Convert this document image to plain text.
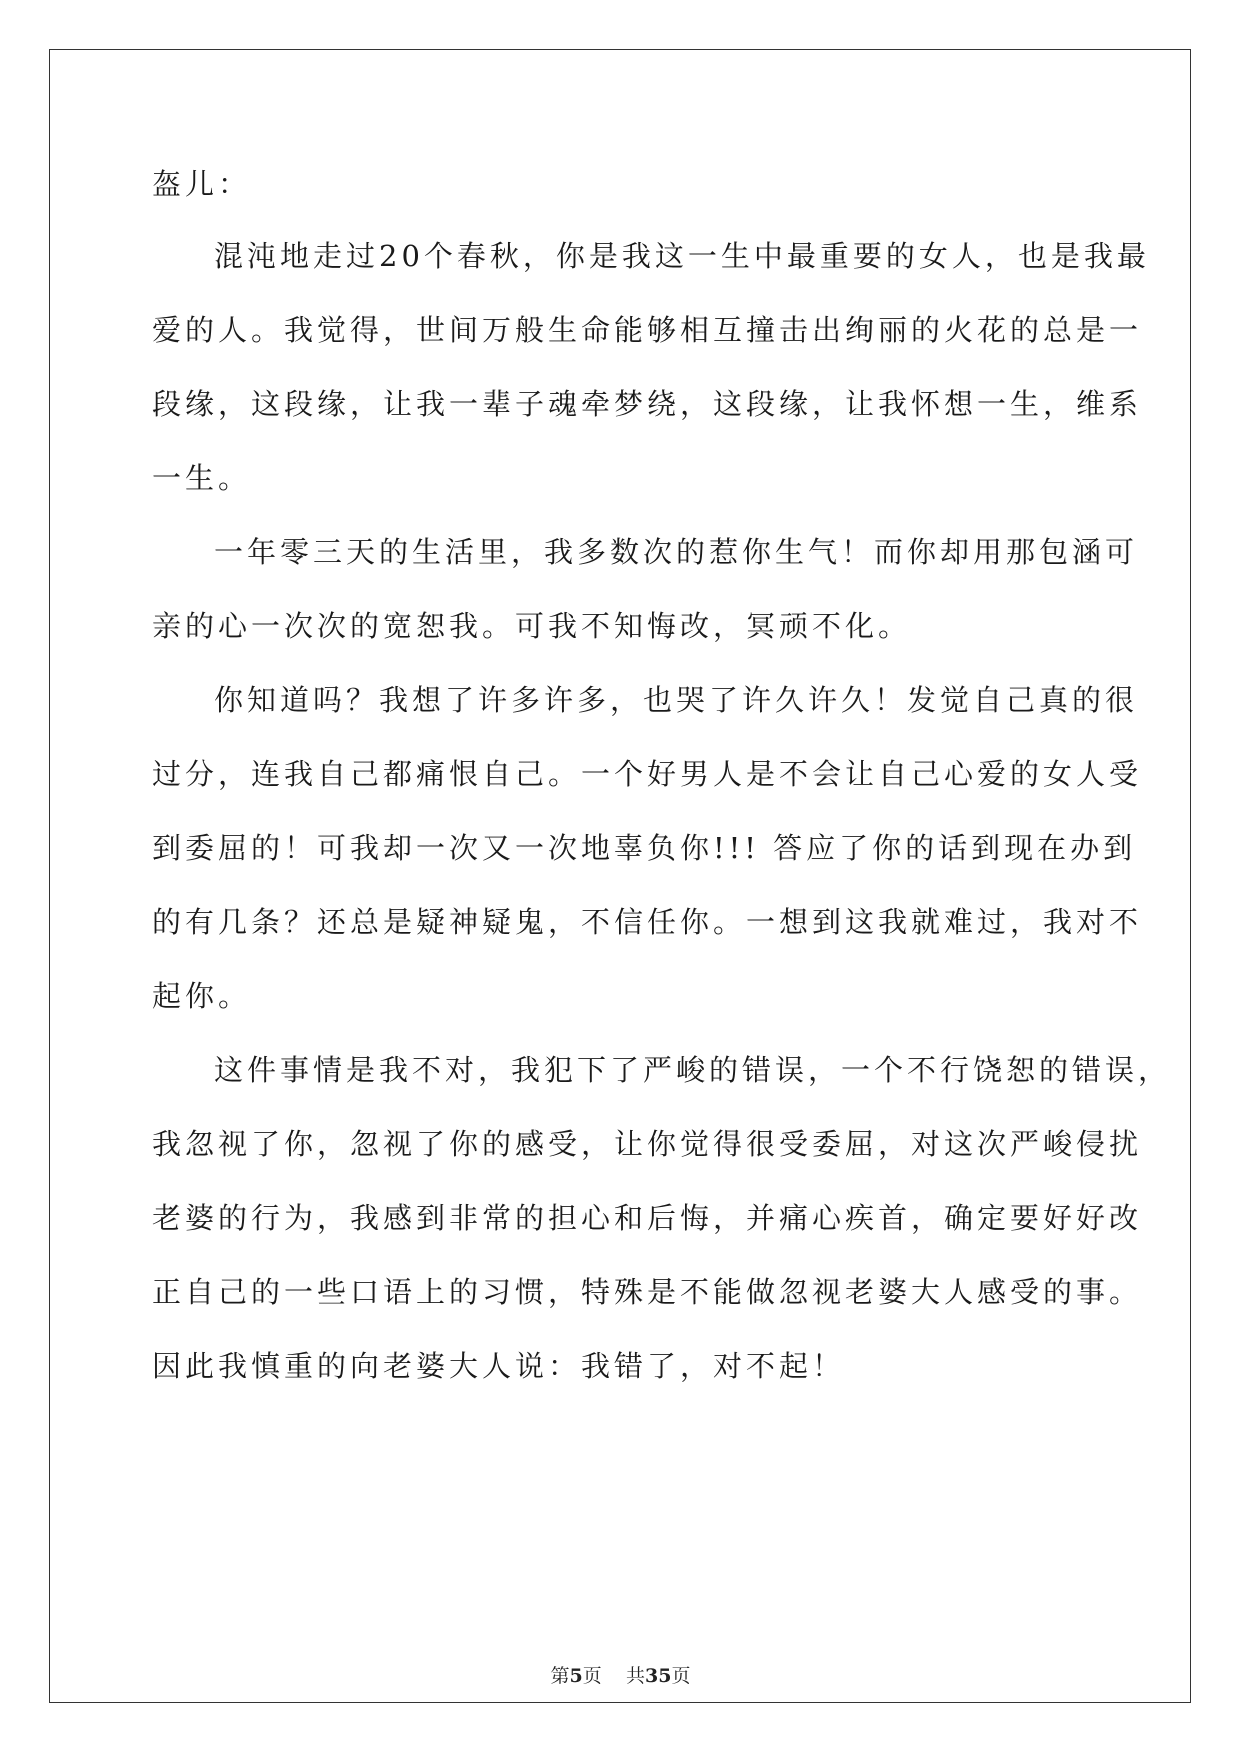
盔儿：
混沌地走过20个春秋，你是我这一生中最重要的女人，也是我最
爱的人。我觉得，世间万般生命能够相互撞击出绚丽的火花的总是一
段缘，这段缘，让我一辈子魂牵梦绕，这段缘，让我怀想一生，维系
一生。
一年零三天的生活里，我多数次的惹你生气！而你却用那包涵可
亲的心一次次的宽恕我。可我不知悔改，冥顽不化。
你知道吗？我想了许多许多，也哭了许久许久！发觉自己真的很
过分，连我自己都痛恨自己。一个好男人是不会让自己心爱的女人受
到委屈的！可我却一次又一次地辜负你!!! 答应了你的话到现在办到
的有几条？还总是疑神疑鬼，不信任你。一想到这我就难过，我对不
起你。
这件事情是我不对，我犯下了严峻的错误，一个不行饶恕的错误，
我忽视了你，忽视了你的感受，让你觉得很受委屈，对这次严峻侵扰
老婆的行为，我感到非常的担心和后悔，并痛心疾首，确定要好好改
正自己的一些口语上的习惯，特殊是不能做忽视老婆大人感受的事。
因此我慎重的向老婆大人说：我错了，对不起！
第5页 共35页
